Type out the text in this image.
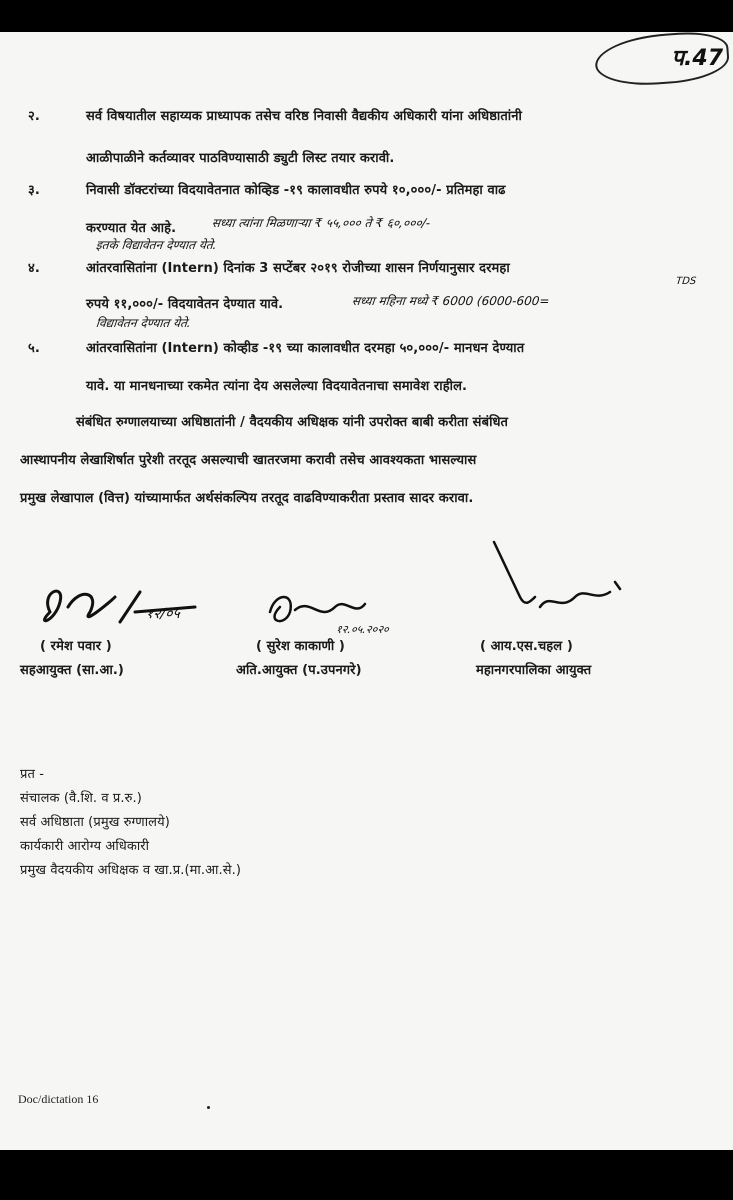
प.47
२.	सर्व विषयातील सहाय्यक प्राध्यापक तसेच वरिष्ठ निवासी वैद्यकीय अधिकारी यांना अधिष्ठातांनी
आळीपाळीने कर्तव्यावर पाठविण्यासाठी ड्युटी लिस्ट तयार करावी.
३.	निवासी डॉक्टरांच्या विदयावेतनात कोव्हिड -१९ कालावधीत रुपये १०,०००/- प्रतिमहा वाढ
करण्यात येत आहे.	सध्या त्यांना मिळणाऱ्या ₹ ५५,००० ते ₹ ६०,०००/-
इतके विद्यावेतन देण्यात येते.
४.	आंतरवासितांना (Intern) दिनांक 3 सप्टेंबर २०१९ रोजीच्या शासन निर्णयानुसार दरमहा
TDS
रुपये ११,०००/- विदयावेतन देण्यात यावे.	सध्या महिना मध्ये ₹ 6000 (6000-600=
विद्यावेतन देण्यात येते.
५.	आंतरवासितांना (Intern) कोव्हीड -१९ च्या कालावधीत दरमहा ५०,०००/- मानधन देण्यात
यावे. या मानधनाच्या रकमेत त्यांना देय असलेल्या विदयावेतनाचा समावेश राहील.
संबंधित रुग्णालयाच्या अधिष्ठातांनी / वैदयकीय अधिक्षक यांनी उपरोक्त बाबी करीता संबंधित
आस्थापनीय लेखाशिर्षात पुरेशी तरतूद असल्याची खातरजमा करावी तसेच आवश्यकता भासल्यास
प्रमुख लेखापाल (वित्त) यांच्यामार्फत अर्थसंकल्पिय तरतूद वाढविण्याकरीता प्रस्ताव सादर करावा.
१२/०५
१२.०५.२०२०
( रमेश पवार )	( सुरेश काकाणी )	( आय.एस.चहल )
सहआयुक्त (सा.आ.)	अति.आयुक्त (प.उपनगरे)	महानगरपालिका आयुक्त
प्रत -
संचालक (वै.शि. व प्र.रु.)
सर्व अधिष्ठाता (प्रमुख रुग्णालये)
कार्यकारी आरोग्य अधिकारी
प्रमुख वैदयकीय अधिक्षक व खा.प्र.(मा.आ.से.)
Doc/dictation 16
